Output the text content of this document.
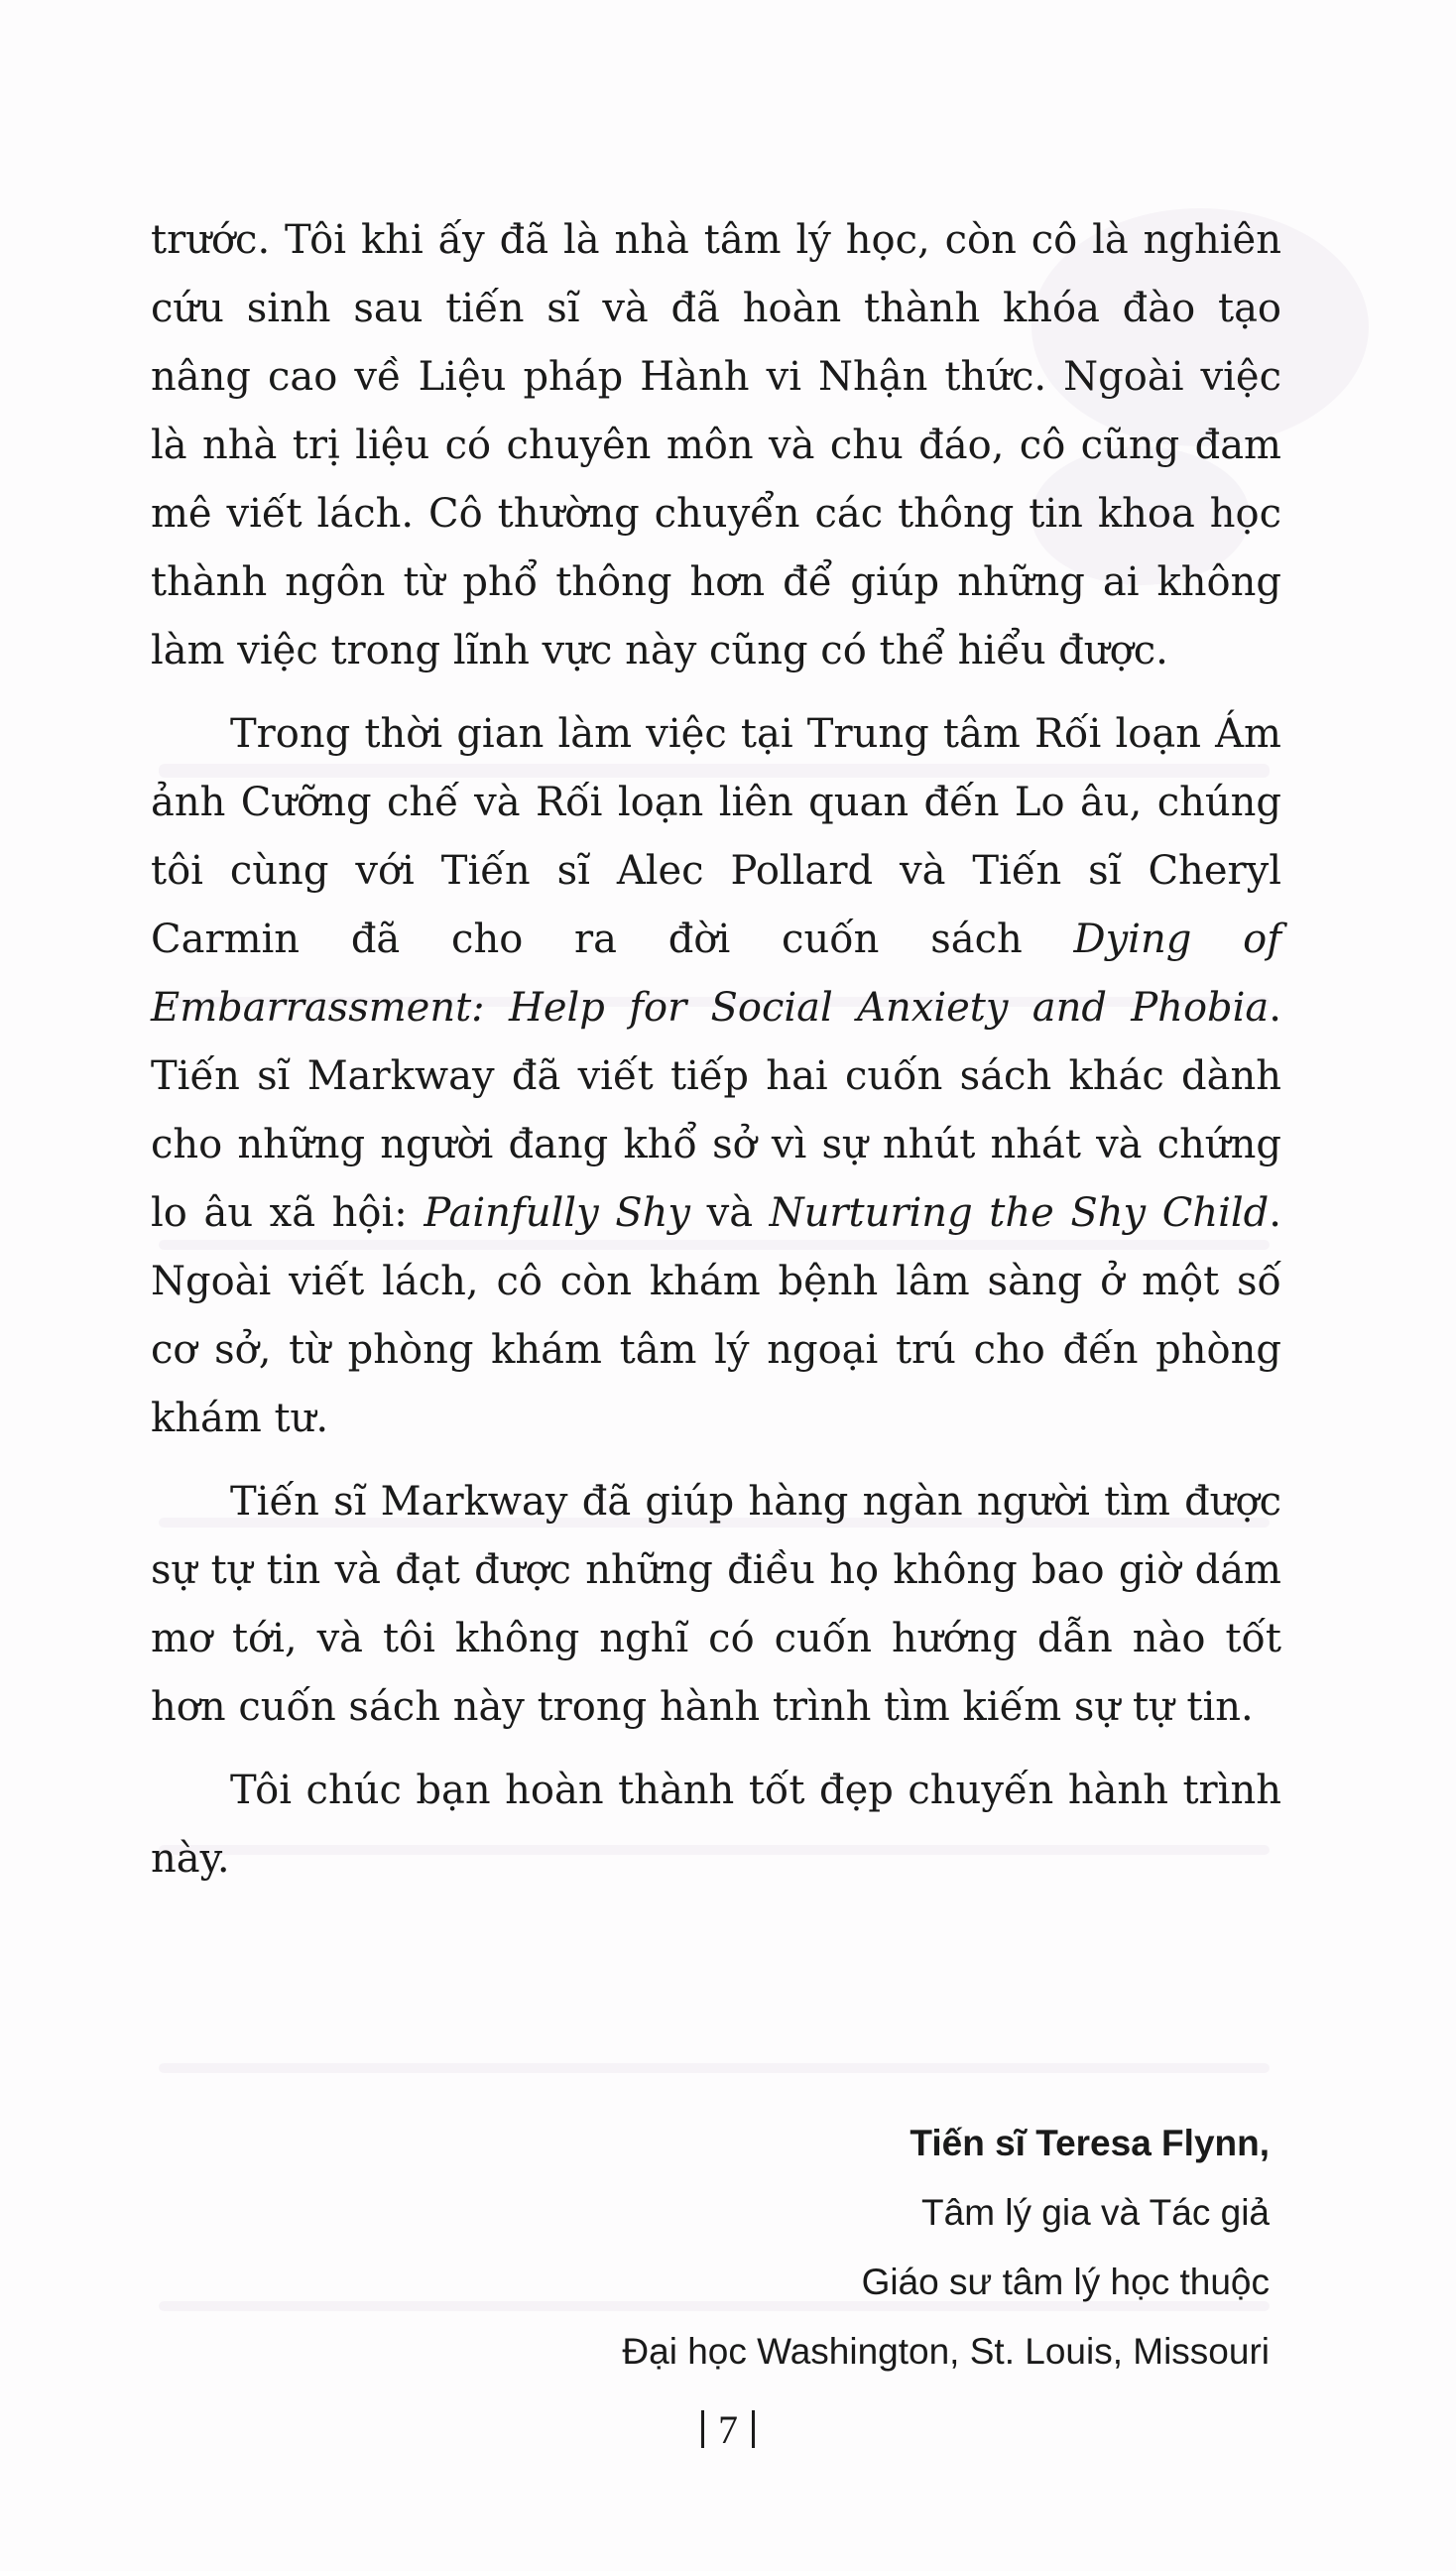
trước. Tôi khi ấy đã là nhà tâm lý học, còn cô là nghiên cứu sinh sau tiến sĩ và đã hoàn thành khóa đào tạo nâng cao về Liệu pháp Hành vi Nhận thức. Ngoài việc là nhà trị liệu có chuyên môn và chu đáo, cô cũng đam mê viết lách. Cô thường chuyển các thông tin khoa học thành ngôn từ phổ thông hơn để giúp những ai không làm việc trong lĩnh vực này cũng có thể hiểu được.

Trong thời gian làm việc tại Trung tâm Rối loạn Ám ảnh Cưỡng chế và Rối loạn liên quan đến Lo âu, chúng tôi cùng với Tiến sĩ Alec Pollard và Tiến sĩ Cheryl Carmin đã cho ra đời cuốn sách Dying of Embarrassment: Help for Social Anxiety and Phobia. Tiến sĩ Markway đã viết tiếp hai cuốn sách khác dành cho những người đang khổ sở vì sự nhút nhát và chứng lo âu xã hội: Painfully Shy và Nurturing the Shy Child. Ngoài viết lách, cô còn khám bệnh lâm sàng ở một số cơ sở, từ phòng khám tâm lý ngoại trú cho đến phòng khám tư.

Tiến sĩ Markway đã giúp hàng ngàn người tìm được sự tự tin và đạt được những điều họ không bao giờ dám mơ tới, và tôi không nghĩ có cuốn hướng dẫn nào tốt hơn cuốn sách này trong hành trình tìm kiếm sự tự tin.

Tôi chúc bạn hoàn thành tốt đẹp chuyến hành trình này.

Tiến sĩ Teresa Flynn,
Tâm lý gia và Tác giả
Giáo sư tâm lý học thuộc
Đại học Washington, St. Louis, Missouri
7
